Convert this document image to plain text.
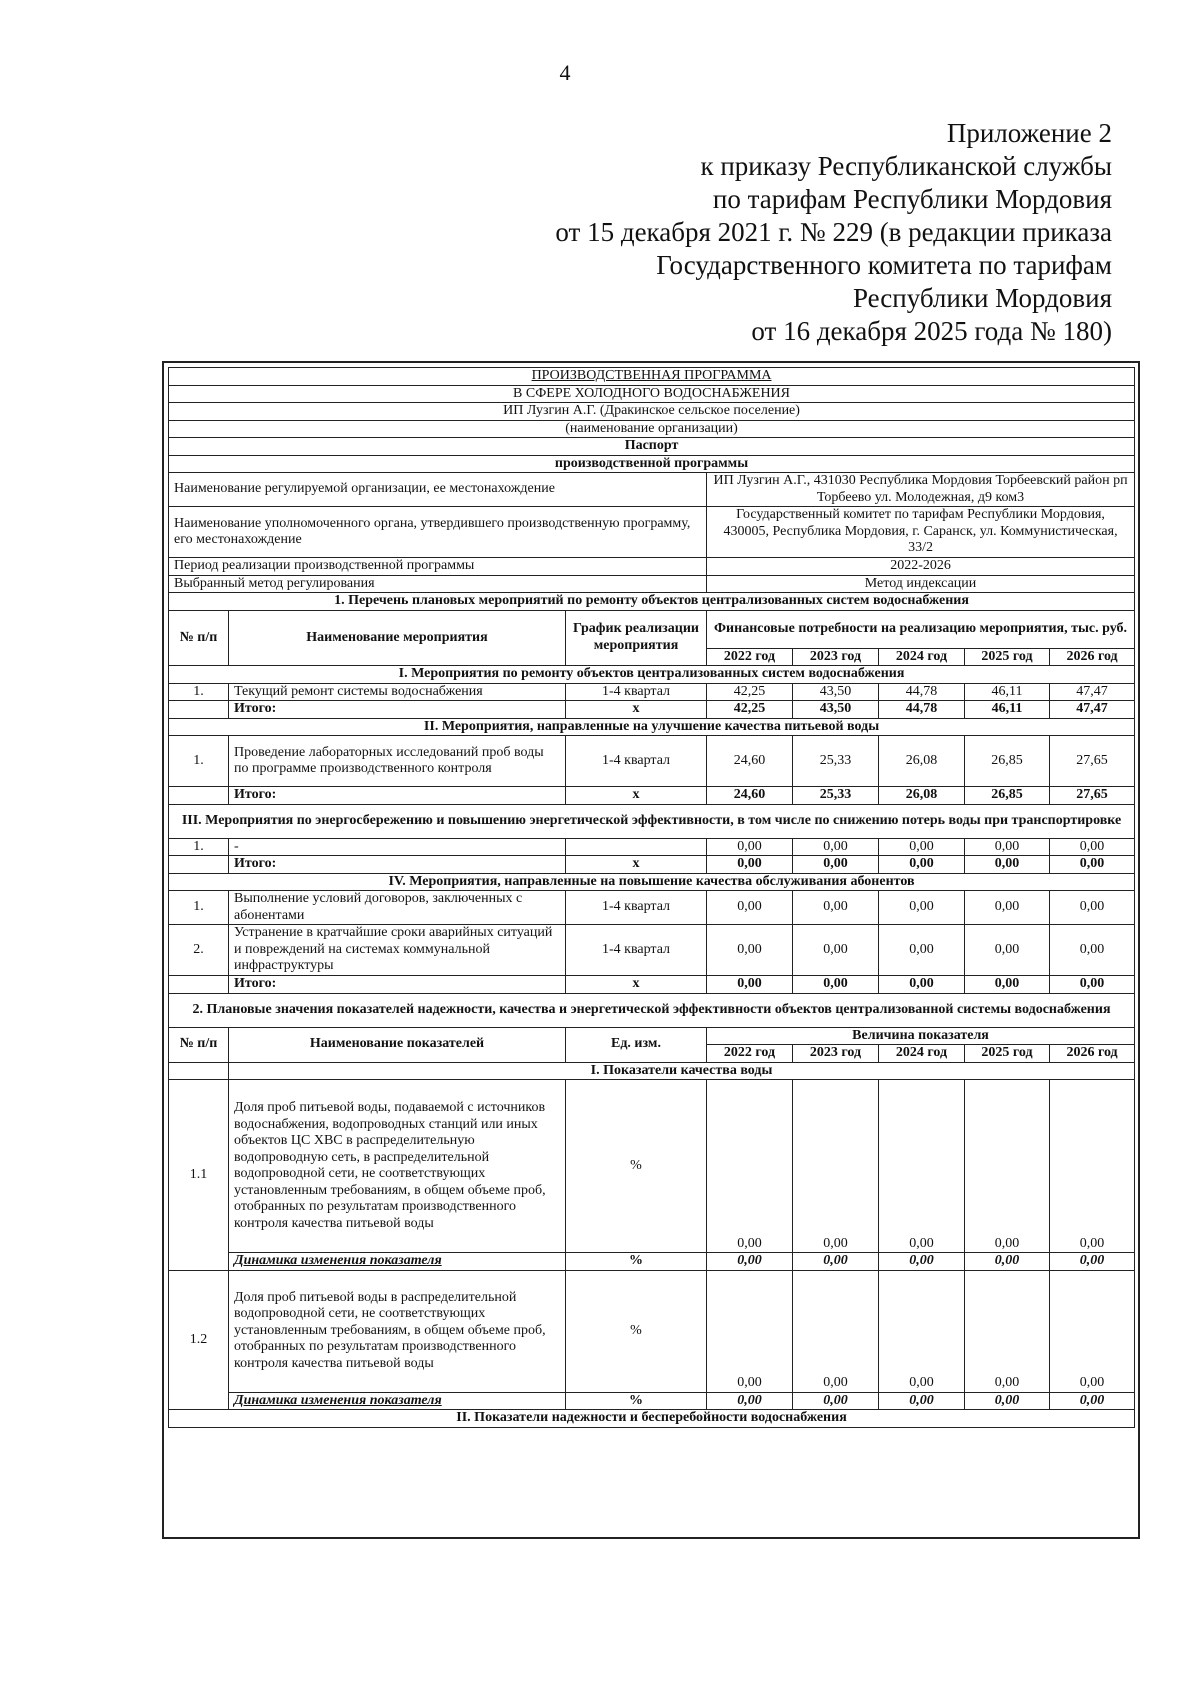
4
Приложение 2
к приказу Республиканской службы
по тарифам Республики Мордовия
от 15 декабря 2021 г. № 229 (в редакции приказа
Государственного комитета по тарифам
Республики Мордовия
от 16 декабря 2025 года № 180)
ПРОИЗВОДСТВЕННАЯ ПРОГРАММА							
В СФЕРЕ ХОЛОДНОГО ВОДОСНАБЖЕНИЯ							
ИП Лузгин А.Г. (Дракинское сельское поселение)							
(наименование организации)							
Паспорт							
производственной программы							
Наименование регулируемой организации, ее местонахождение			ИП Лузгин А.Г., 431030 Республика Мордовия Торбеевский район рп Торбеево ул. Молодежная, д9 ком3				
Наименование уполномоченного органа, утвердившего производственную программу, его местонахождение			Государственный комитет по тарифам Республики Мордовия, 430005, Республика Мордовия, г. Саранск, ул. Коммунистическая, 33/2				
Период реализации производственной программы			2022-2026				
Выбранный метод регулирования			Метод индексации				
1. Перечень плановых мероприятий по ремонту объектов централизованных систем водоснабжения							
№ п/п	Наименование мероприятия	График реализации мероприятия	Финансовые потребности на реализацию мероприятия, тыс. руб.				
			2022 год	2023 год	2024 год	2025 год	2026 год
I. Мероприятия по ремонту объектов централизованных систем водоснабжения							
1.	Текущий ремонт системы водоснабжения	1-4 квартал	42,25	43,50	44,78	46,11	47,47
	Итого:	x	42,25	43,50	44,78	46,11	47,47
II. Мероприятия, направленные на улучшение качества питьевой воды							
1.	Проведение лабораторных исследований проб воды по программе производственного контроля	1-4 квартал	24,60	25,33	26,08	26,85	27,65
	Итого:	x	24,60	25,33	26,08	26,85	27,65
III. Мероприятия по энергосбережению и повышению энергетической эффективности, в том числе по снижению потерь воды при транспортировке							
1.	-		0,00	0,00	0,00	0,00	0,00
	Итого:	x	0,00	0,00	0,00	0,00	0,00
IV. Мероприятия, направленные на повышение качества обслуживания абонентов							
1.	Выполнение условий договоров, заключенных с абонентами	1-4 квартал	0,00	0,00	0,00	0,00	0,00
2.	Устранение в кратчайшие сроки аварийных ситуаций и повреждений на системах коммунальной инфраструктуры	1-4 квартал	0,00	0,00	0,00	0,00	0,00
	Итого:	x	0,00	0,00	0,00	0,00	0,00
2. Плановые значения показателей надежности, качества и энергетической эффективности объектов централизованной системы водоснабжения							
№ п/п	Наименование показателей	Ед. изм.	Величина показателя				
			2022 год	2023 год	2024 год	2025 год	2026 год
	I. Показатели качества воды						
1.1	Доля проб питьевой воды, подаваемой с источников водоснабжения, водопроводных станций или иных объектов ЦС ХВС в распределительную водопроводную сеть, в распределительной водопроводной сети, не соответствующих установленным требованиям, в общем объеме проб, отобранных по результатам производственного контроля качества питьевой воды	%	0,00	0,00	0,00	0,00	0,00
	Динамика изменения показателя	%	0,00	0,00	0,00	0,00	0,00
1.2	Доля проб питьевой воды в распределительной водопроводной сети, не соответствующих установленным требованиям, в общем объеме проб, отобранных по результатам производственного контроля качества питьевой воды	%	0,00	0,00	0,00	0,00	0,00
	Динамика изменения показателя	%	0,00	0,00	0,00	0,00	0,00
II. Показатели надежности и бесперебойности водоснабжения							
